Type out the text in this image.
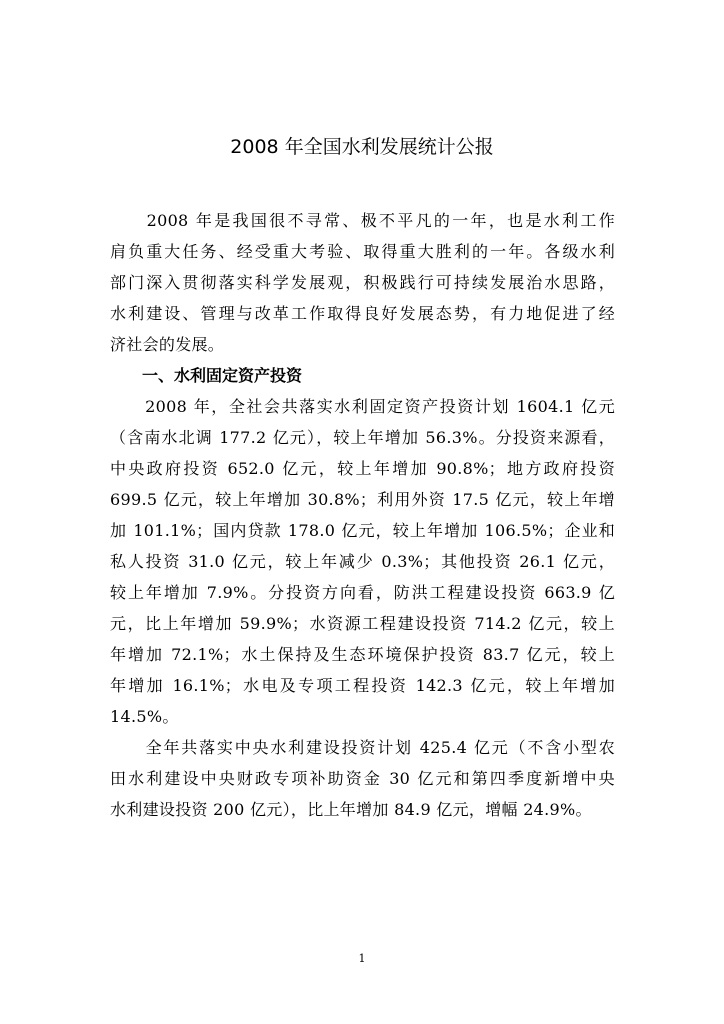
2008 年全国水利发展统计公报
　　2008 年是我国很不寻常、极不平凡的一年，也是水利工作
肩负重大任务、经受重大考验、取得重大胜利的一年。各级水利
部门深入贯彻落实科学发展观，积极践行可持续发展治水思路，
水利建设、管理与改革工作取得良好发展态势，有力地促进了经
济社会的发展。
一、水利固定资产投资
　　2008 年，全社会共落实水利固定资产投资计划 1604.1 亿元
（含南水北调 177.2 亿元），较上年增加 56.3%。分投资来源看，
中央政府投资 652.0 亿元，较上年增加 90.8%；地方政府投资
699.5 亿元，较上年增加 30.8%；利用外资 17.5 亿元，较上年增
加 101.1%；国内贷款 178.0 亿元，较上年增加 106.5%；企业和
私人投资 31.0 亿元，较上年减少 0.3%；其他投资 26.1 亿元，
较上年增加 7.9%。分投资方向看，防洪工程建设投资 663.9 亿
元，比上年增加 59.9%；水资源工程建设投资 714.2 亿元，较上
年增加 72.1%；水土保持及生态环境保护投资 83.7 亿元，较上
年增加 16.1%；水电及专项工程投资 142.3 亿元，较上年增加
14.5%。
　　全年共落实中央水利建设投资计划 425.4 亿元（不含小型农
田水利建设中央财政专项补助资金 30 亿元和第四季度新增中央
水利建设投资 200 亿元），比上年增加 84.9 亿元，增幅 24.9%。
1
